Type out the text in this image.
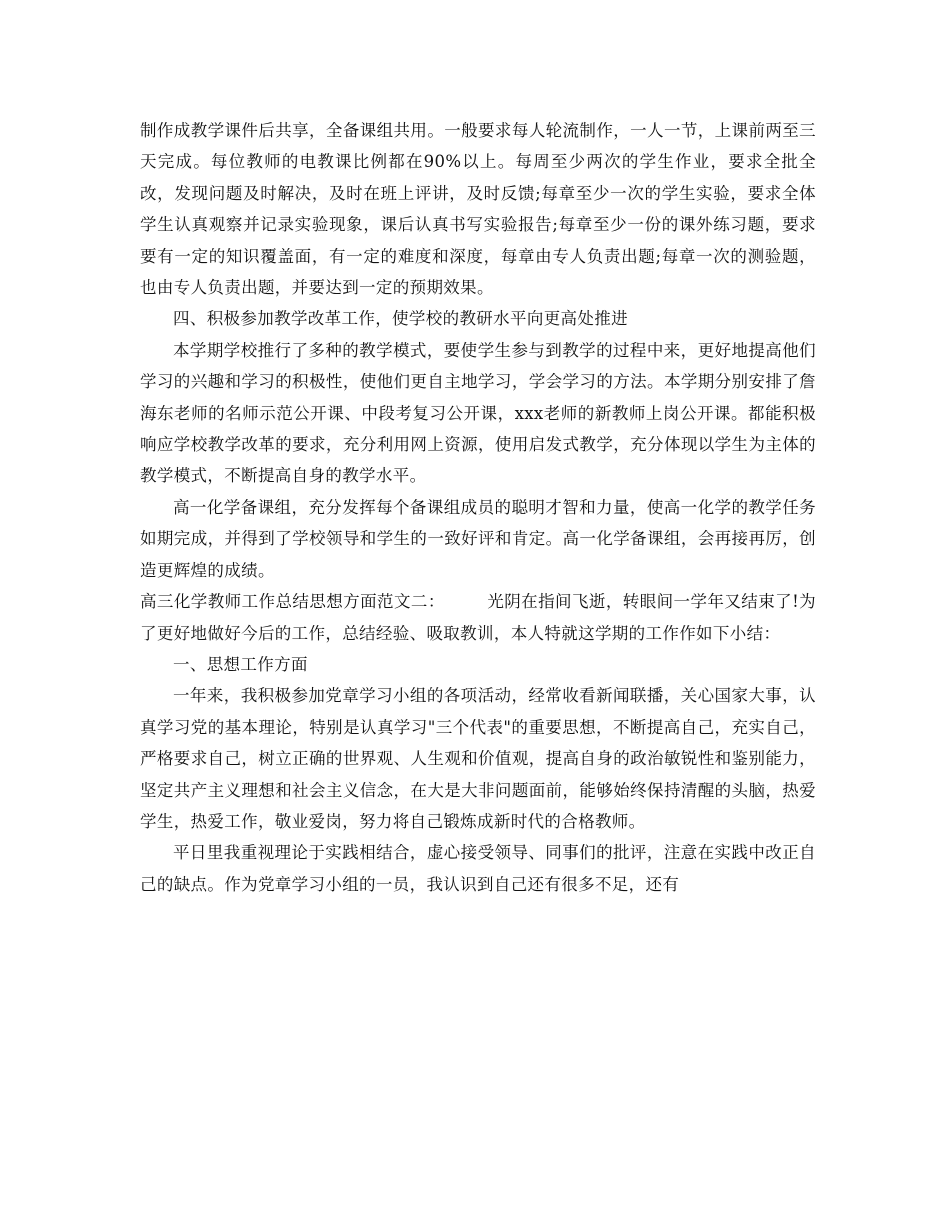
制作成教学课件后共享，全备课组共用。一般要求每人轮流制作，一人一节，上课前两至三天完成。每位教师的电教课比例都在90%以上。每周至少两次的学生作业，要求全批全改，发现问题及时解决，及时在班上评讲，及时反馈;每章至少一次的学生实验，要求全体学生认真观察并记录实验现象，课后认真书写实验报告;每章至少一份的课外练习题，要求要有一定的知识覆盖面，有一定的难度和深度，每章由专人负责出题;每章一次的测验题，也由专人负责出题，并要达到一定的预期效果。

四、积极参加教学改革工作，使学校的教研水平向更高处推进

本学期学校推行了多种的教学模式，要使学生参与到教学的过程中来，更好地提高他们学习的兴趣和学习的积极性，使他们更自主地学习，学会学习的方法。本学期分别安排了詹海东老师的名师示范公开课、中段考复习公开课，xxx老师的新教师上岗公开课。都能积极响应学校教学改革的要求，充分利用网上资源，使用启发式教学，充分体现以学生为主体的教学模式，不断提高自身的教学水平。

高一化学备课组，充分发挥每个备课组成员的聪明才智和力量，使高一化学的教学任务如期完成，并得到了学校领导和学生的一致好评和肯定。高一化学备课组，会再接再厉，创造更辉煌的成绩。

高三化学教师工作总结思想方面范文二：　　　光阴在指间飞逝，转眼间一学年又结束了!为了更好地做好今后的工作，总结经验、吸取教训，本人特就这学期的工作作如下小结：

一、思想工作方面

一年来，我积极参加党章学习小组的各项活动，经常收看新闻联播，关心国家大事，认真学习党的基本理论，特别是认真学习"三个代表"的重要思想，不断提高自己，充实自己，严格要求自己，树立正确的世界观、人生观和价值观，提高自身的政治敏锐性和鉴别能力，坚定共产主义理想和社会主义信念，在大是大非问题面前，能够始终保持清醒的头脑，热爱学生，热爱工作，敬业爱岗，努力将自己锻炼成新时代的合格教师。

平日里我重视理论于实践相结合，虚心接受领导、同事们的批评，注意在实践中改正自己的缺点。作为党章学习小组的一员，我认识到自己还有很多不足，还有
